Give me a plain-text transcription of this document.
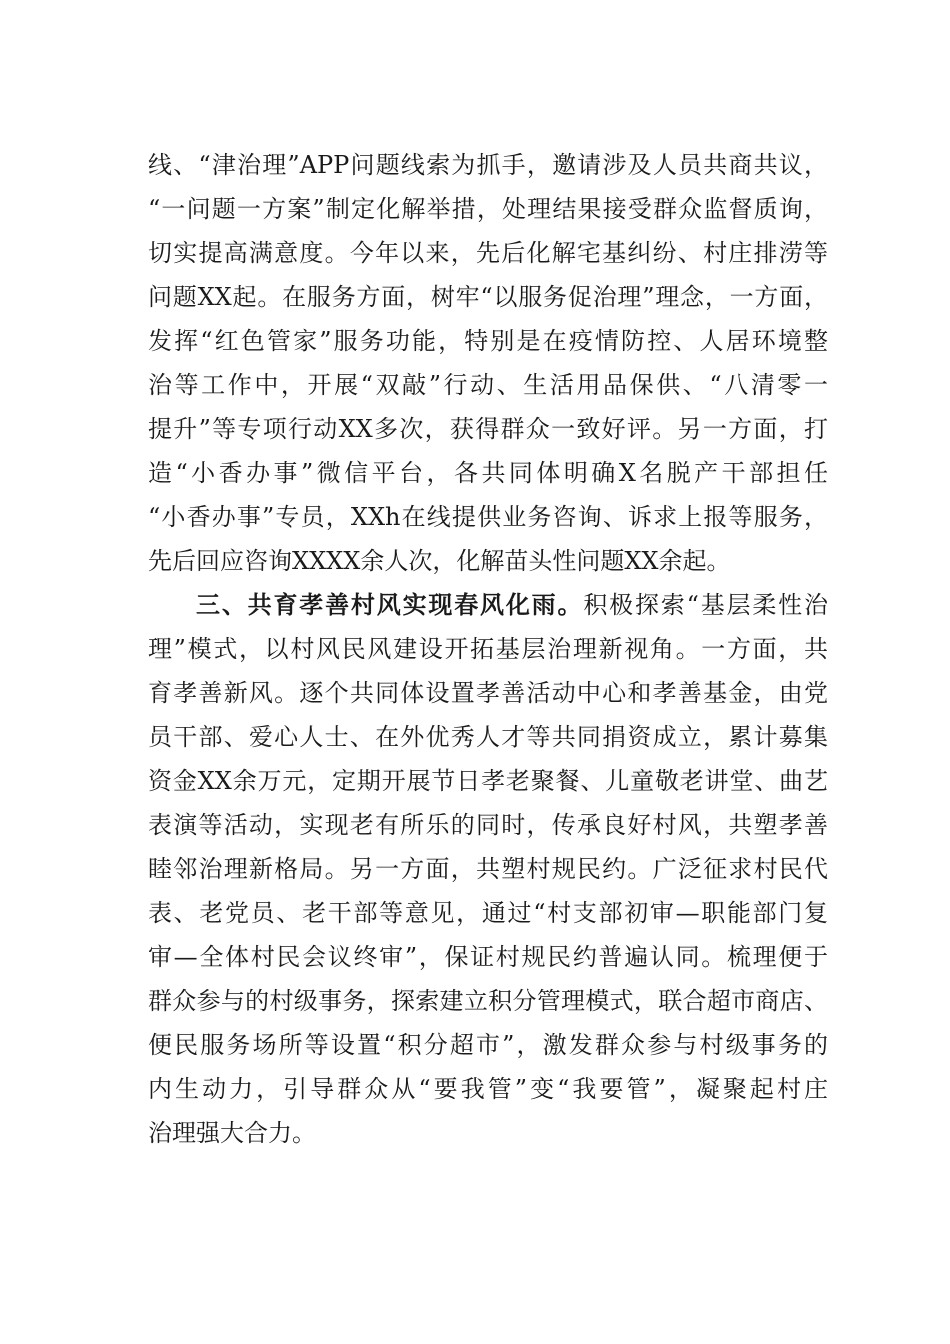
线、“津治理”APP问题线索为抓手，邀请涉及人员共商共议，
“一问题一方案”制定化解举措，处理结果接受群众监督质询，
切实提高满意度。今年以来，先后化解宅基纠纷、村庄排涝等
问题XX起。在服务方面，树牢“以服务促治理”理念，一方面，
发挥“红色管家”服务功能，特别是在疫情防控、人居环境整
治等工作中，开展“双敲”行动、生活用品保供、“八清零一
提升”等专项行动XX多次，获得群众一致好评。另一方面，打
造“小香办事”微信平台，各共同体明确X名脱产干部担任
“小香办事”专员，XXh在线提供业务咨询、诉求上报等服务，
先后回应咨询XXXX余人次，化解苗头性问题XX余起。
三、共育孝善村风实现春风化雨。积极探索“基层柔性治
理”模式，以村风民风建设开拓基层治理新视角。一方面，共
育孝善新风。逐个共同体设置孝善活动中心和孝善基金，由党
员干部、爱心人士、在外优秀人才等共同捐资成立，累计募集
资金XX余万元，定期开展节日孝老聚餐、儿童敬老讲堂、曲艺
表演等活动，实现老有所乐的同时，传承良好村风，共塑孝善
睦邻治理新格局。另一方面，共塑村规民约。广泛征求村民代
表、老党员、老干部等意见，通过“村支部初审—职能部门复
审—全体村民会议终审”，保证村规民约普遍认同。梳理便于
群众参与的村级事务，探索建立积分管理模式，联合超市商店、
便民服务场所等设置“积分超市”，激发群众参与村级事务的
内生动力，引导群众从“要我管”变“我要管”，凝聚起村庄
治理强大合力。
